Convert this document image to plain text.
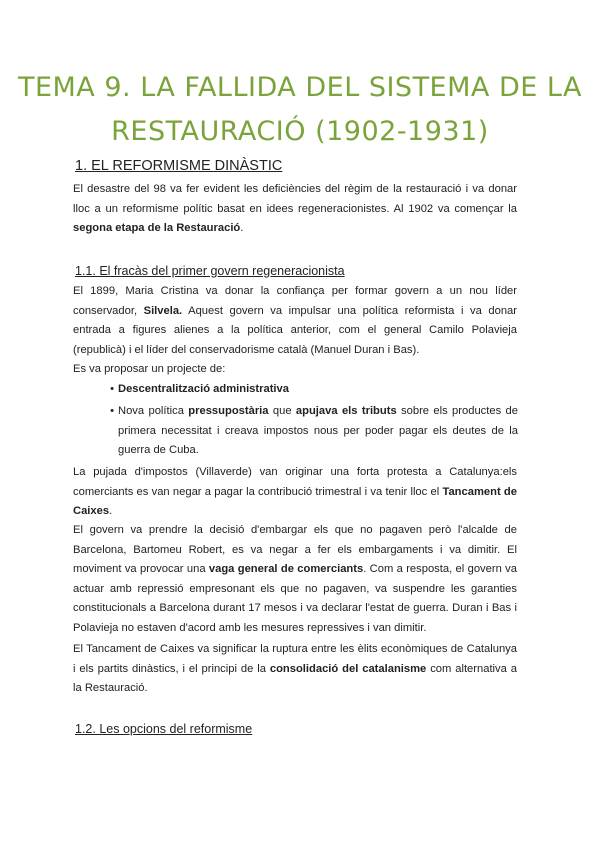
TEMA 9. LA FALLIDA DEL SISTEMA DE LA
RESTAURACIÓ (1902-1931)
1. EL REFORMISME DINÀSTIC
El desastre del 98 va fer evident les deficiències del règim de la restauració i va donar lloc a un reformisme polític basat en idees regeneracionistes. Al 1902 va començar la segona etapa de la Restauració.
1.1. El fracàs del primer govern regeneracionista
El 1899, Maria Cristina va donar la confiança per formar govern a un nou líder conservador, Silvela. Aquest govern va impulsar una política reformista i va donar entrada a figures alienes a la política anterior, com el general Camilo Polavieja (republicà) i el líder del conservadorisme català (Manuel Duran i Bas).
Es va proposar un projecte de:
• Descentralització administrativa
• Nova política pressupostària que apujava els tributs sobre els productes de primera necessitat i creava impostos nous per poder pagar els deutes de la guerra de Cuba.
La pujada d'impostos (Villaverde) van originar una forta protesta a Catalunya:els comerciants es van negar a pagar la contribució trimestral i va tenir lloc el Tancament de Caixes.
El govern va prendre la decisió d'embargar els que no pagaven però l'alcalde de Barcelona, Bartomeu Robert, es va negar a fer els embargaments i va dimitir. El moviment va provocar una vaga general de comerciants. Com a resposta, el govern va actuar amb repressió empresonant els que no pagaven, va suspendre les garanties constitucionals a Barcelona durant 17 mesos i va declarar l'estat de guerra. Duran i Bas i Polavieja no estaven d'acord amb les mesures repressives i van dimitir.
El Tancament de Caixes va significar la ruptura entre les èlits econòmiques de Catalunya i els partits dinàstics, i el principi de la consolidació del catalanisme com alternativa a la Restauració.
1.2. Les opcions del reformisme
